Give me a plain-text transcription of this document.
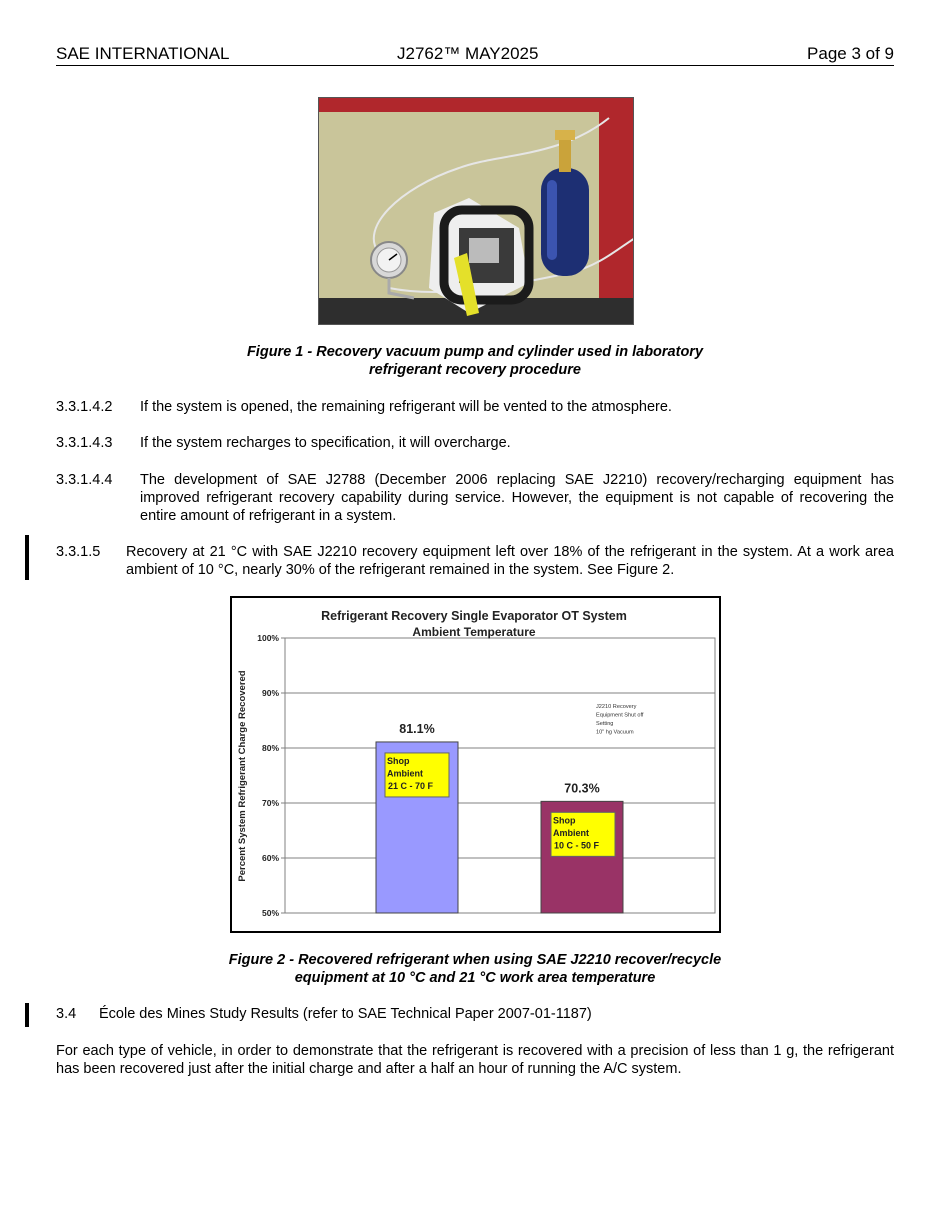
SAE INTERNATIONAL	J2762™ MAY2025	Page 3 of 9
Figure 1 - Recovery vacuum pump and cylinder used in laboratory
refrigerant recovery procedure
3.3.1.4.2 If the system is opened, the remaining refrigerant will be vented to the atmosphere.
3.3.1.4.3 If the system recharges to specification, it will overcharge.
3.3.1.4.4 The development of SAE J2788 (December 2006 replacing SAE J2210) recovery/recharging equipment has improved refrigerant recovery capability during service. However, the equipment is not capable of recovering the entire amount of refrigerant in a system.
3.3.1.5 Recovery at 21 °C with SAE J2210 recovery equipment left over 18% of the refrigerant in the system. At a work area ambient of 10 °C, nearly 30% of the refrigerant remained in the system. See Figure 2.
50%
60%
70%
80%
90%
100%
81.1%
Shop
Ambient
21 C - 70 F	70.3%
Shop
Ambient
10 C - 50 F
Refrigerant Recovery Single Evaporator OT System
Ambient Temperature
Percent System Refrigerant Charge Recovered	J2210 Recovery
Equipment Shut off
Setting
10" hg Vacuum
Figure 2 - Recovered refrigerant when using SAE J2210 recover/recycle
equipment at 10 °C and 21 °C work area temperature
3.4 École des Mines Study Results (refer to SAE Technical Paper 2007-01-1187)
For each type of vehicle, in order to demonstrate that the refrigerant is recovered with a precision of less than 1 g, the refrigerant has been recovered just after the initial charge and after a half an hour of running the A/C system.
